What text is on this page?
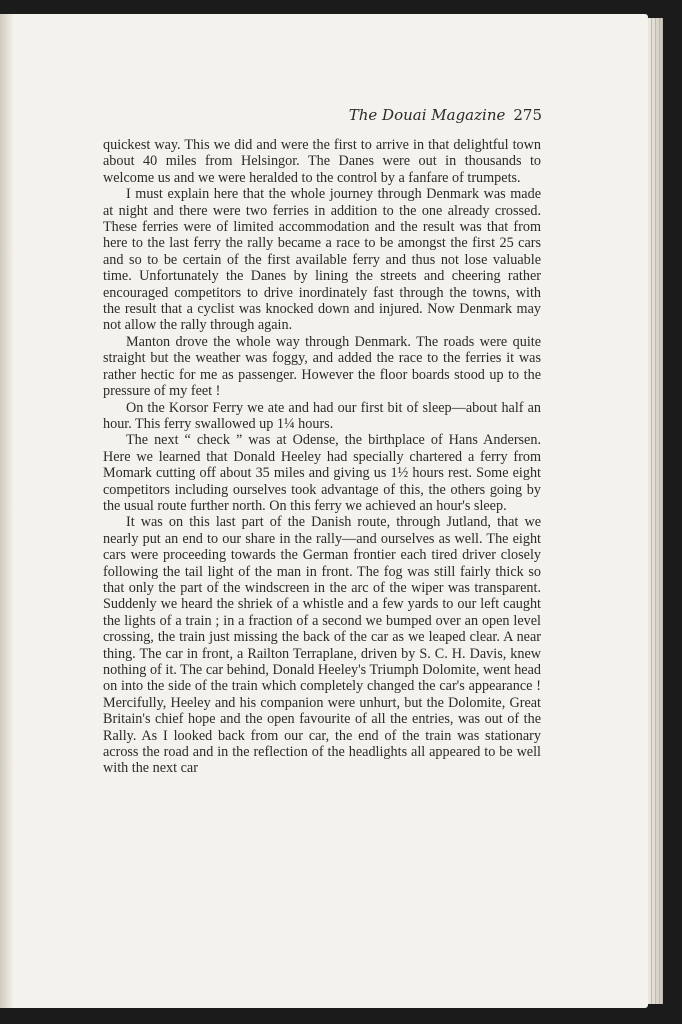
The Douai Magazine 275

quickest way. This we did and were the first to arrive in that delightful town about 40 miles from Helsingor. The Danes were out in thousands to welcome us and we were heralded to the control by a fanfare of trumpets.

I must explain here that the whole journey through Denmark was made at night and there were two ferries in addition to the one already crossed. These ferries were of limited accommodation and the result was that from here to the last ferry the rally became a race to be amongst the first 25 cars and so to be certain of the first available ferry and thus not lose valuable time. Unfortunately the Danes by lining the streets and cheering rather encouraged competitors to drive inordinately fast through the towns, with the result that a cyclist was knocked down and injured. Now Denmark may not allow the rally through again.

Manton drove the whole way through Denmark. The roads were quite straight but the weather was foggy, and added the race to the ferries it was rather hectic for me as passenger. However the floor boards stood up to the pressure of my feet !

On the Korsor Ferry we ate and had our first bit of sleep—about half an hour. This ferry swallowed up 1¼ hours.

The next “ check ” was at Odense, the birthplace of Hans Andersen. Here we learned that Donald Heeley had specially chartered a ferry from Momark cutting off about 35 miles and giving us 1½ hours rest. Some eight competitors including ourselves took advantage of this, the others going by the usual route further north. On this ferry we achieved an hour's sleep.

It was on this last part of the Danish route, through Jutland, that we nearly put an end to our share in the rally—and ourselves as well. The eight cars were proceeding towards the German frontier each tired driver closely following the tail light of the man in front. The fog was still fairly thick so that only the part of the windscreen in the arc of the wiper was transparent. Suddenly we heard the shriek of a whistle and a few yards to our left caught the lights of a train ; in a fraction of a second we bumped over an open level crossing, the train just missing the back of the car as we leaped clear. A near thing. The car in front, a Railton Terraplane, driven by S. C. H. Davis, knew nothing of it. The car behind, Donald Heeley's Triumph Dolomite, went head on into the side of the train which completely changed the car's appearance ! Mercifully, Heeley and his companion were unhurt, but the Dolomite, Great Britain's chief hope and the open favourite of all the entries, was out of the Rally. As I looked back from our car, the end of the train was stationary across the road and in the reflection of the headlights all appeared to be well with the next car
